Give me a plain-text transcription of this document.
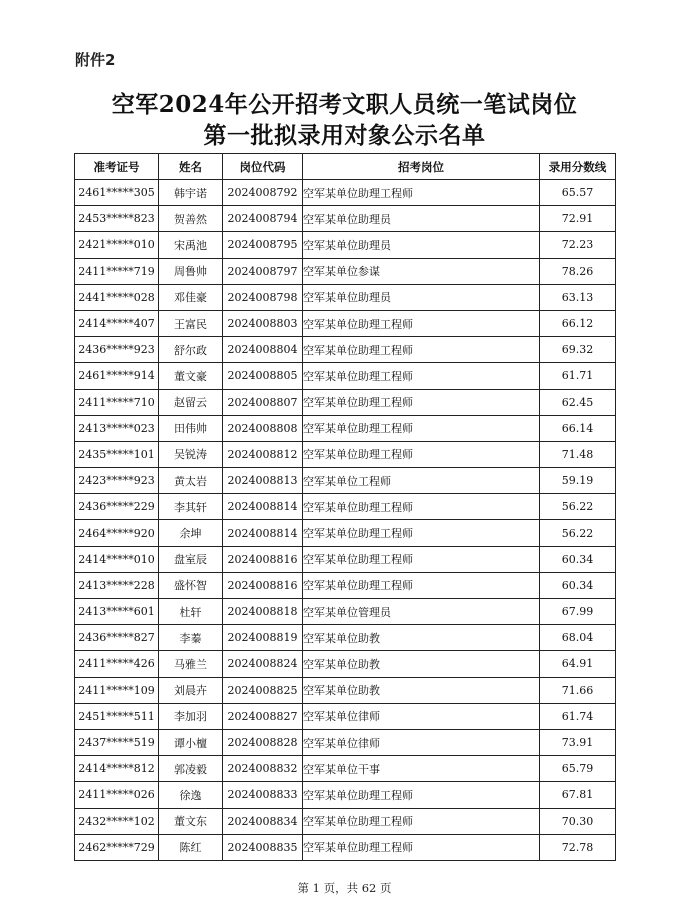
附件2
空军2024年公开招考文职人员统一笔试岗位
第一批拟录用对象公示名单
准考证号	姓名	岗位代码	招考岗位	录用分数线
2461*****305	韩宇诺	2024008792	空军某单位助理工程师	65.57
2453*****823	贺善然	2024008794	空军某单位助理员	72.91
2421*****010	宋禹池	2024008795	空军某单位助理员	72.23
2411*****719	周鲁帅	2024008797	空军某单位参谋	78.26
2441*****028	邓佳豪	2024008798	空军某单位助理员	63.13
2414*****407	王富民	2024008803	空军某单位助理工程师	66.12
2436*****923	舒尔政	2024008804	空军某单位助理工程师	69.32
2461*****914	董文豪	2024008805	空军某单位助理工程师	61.71
2411*****710	赵留云	2024008807	空军某单位助理工程师	62.45
2413*****023	田伟帅	2024008808	空军某单位助理工程师	66.14
2435*****101	吴锐涛	2024008812	空军某单位助理工程师	71.48
2423*****923	黄太岩	2024008813	空军某单位工程师	59.19
2436*****229	李其轩	2024008814	空军某单位助理工程师	56.22
2464*****920	余坤	2024008814	空军某单位助理工程师	56.22
2414*****010	盘室辰	2024008816	空军某单位助理工程师	60.34
2413*****228	盛怀智	2024008816	空军某单位助理工程师	60.34
2413*****601	杜轩	2024008818	空军某单位管理员	67.99
2436*****827	李蓁	2024008819	空军某单位助教	68.04
2411*****426	马雅兰	2024008824	空军某单位助教	64.91
2411*****109	刘晨卉	2024008825	空军某单位助教	71.66
2451*****511	李加羽	2024008827	空军某单位律师	61.74
2437*****519	谭小檀	2024008828	空军某单位律师	73.91
2414*****812	郭凌毅	2024008832	空军某单位干事	65.79
2411*****026	徐逸	2024008833	空军某单位助理工程师	67.81
2432*****102	董文东	2024008834	空军某单位助理工程师	70.30
2462*****729	陈红	2024008835	空军某单位助理工程师	72.78
第 1 页，共 62 页
